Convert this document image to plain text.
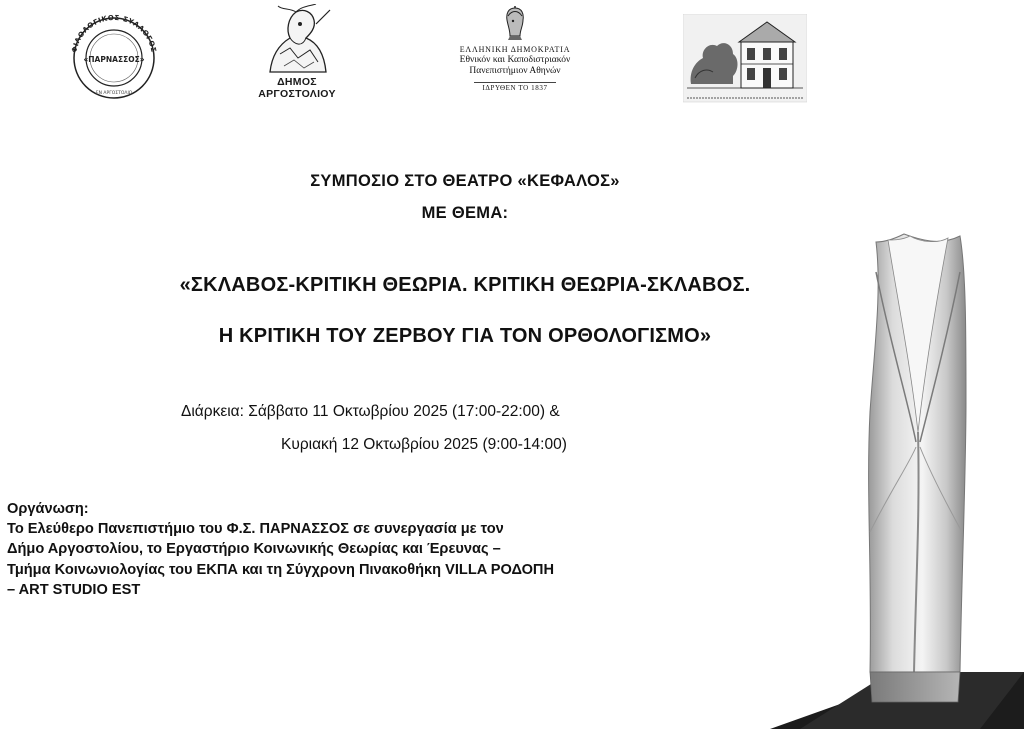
ΦΙΛΟΛΟΓΙΚΟΣ ΣΥΛΛΟΓΟΣ
«ΠΑΡΝΑΣΣΟΣ»
ΕΝ ΑΡΓΟΣΤΟΛΙΩ
ΔΗΜΟΣ ΑΡΓΟΣΤΟΛΙΟΥ
ΕΛΛΗΝΙΚΗ ΔΗΜΟΚΡΑΤΙΑ
Εθνικόν και Καποδιστριακόν
Πανεπιστήμιον Αθηνών
ΙΔΡΥΘΕΝ ΤΟ 1837
ΣΥΜΠΟΣΙΟ ΣΤΟ ΘΕΑΤΡΟ «ΚΕΦΑΛΟΣ»
ΜΕ ΘΕΜΑ:
«ΣΚΛΑΒΟΣ-ΚΡΙΤΙΚΗ ΘΕΩΡΙΑ. ΚΡΙΤΙΚΗ ΘΕΩΡΙΑ-ΣΚΛΑΒΟΣ.
Η ΚΡΙΤΙΚΗ ΤΟΥ ΖΕΡΒΟΥ ΓΙΑ ΤΟΝ ΟΡΘΟΛΟΓΙΣΜΟ»
Διάρκεια: Σάββατο 11 Οκτωβρίου 2025 (17:00-22:00) &
Κυριακή 12 Οκτωβρίου 2025 (9:00-14:00)
Οργάνωση:
Το Ελεύθερο Πανεπιστήμιο του Φ.Σ. ΠΑΡΝΑΣΣΟΣ σε συνεργασία με τον
Δήμο Αργοστολίου, το Εργαστήριο Κοινωνικής Θεωρίας και Έρευνας –
Τμήμα Κοινωνιολογίας του ΕΚΠΑ και τη Σύγχρονη Πινακοθήκη VILLA ΡΟΔΟΠΗ
– ART STUDIO EST
